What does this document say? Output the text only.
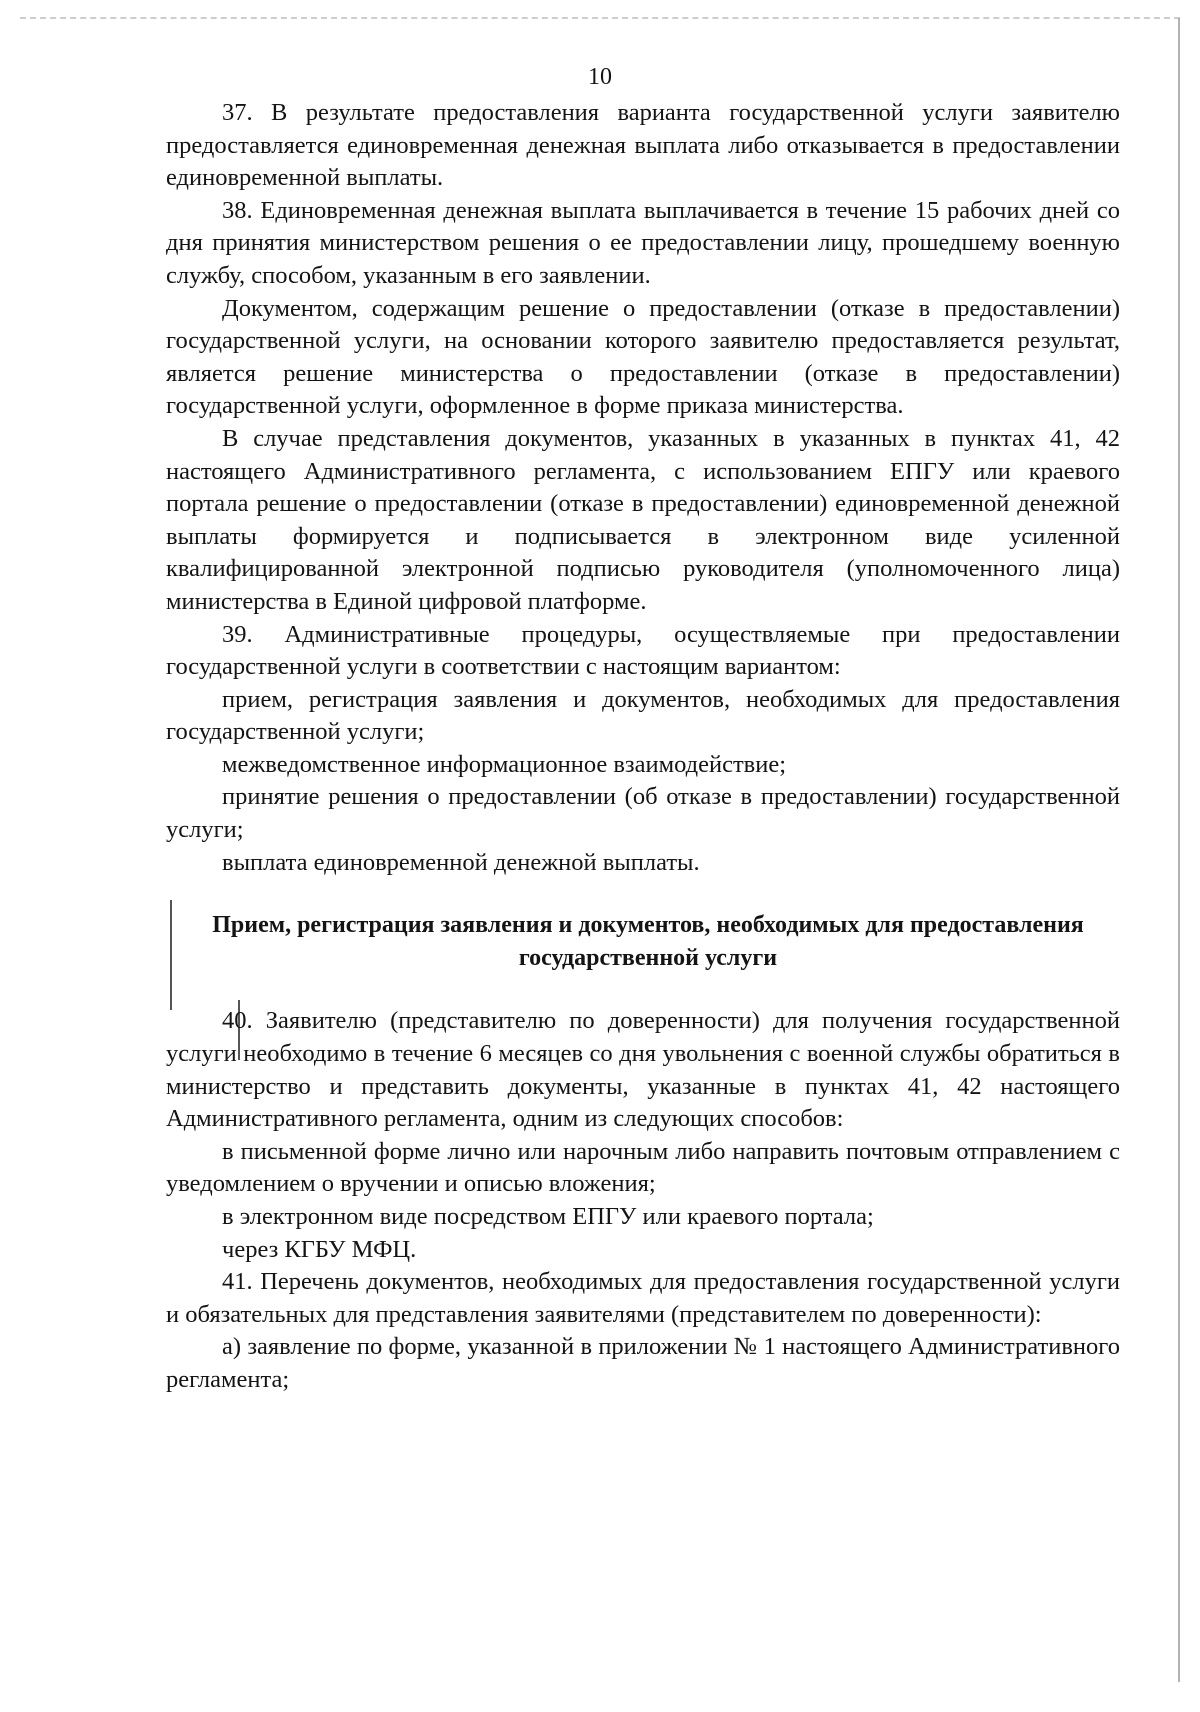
10

37. В результате предоставления варианта государственной услуги заявителю предоставляется единовременная денежная выплата либо отказывается в предоставлении единовременной выплаты.

38. Единовременная денежная выплата выплачивается в течение 15 рабочих дней со дня принятия министерством решения о ее предоставлении лицу, прошедшему военную службу, способом, указанным в его заявлении.

Документом, содержащим решение о предоставлении (отказе в предоставлении) государственной услуги, на основании которого заявителю предоставляется результат, является решение министерства о предоставлении (отказе в предоставлении) государственной услуги, оформленное в форме приказа министерства.

В случае представления документов, указанных в указанных в пунктах 41, 42 настоящего Административного регламента, с использованием ЕПГУ или краевого портала решение о предоставлении (отказе в предоставлении) единовременной денежной выплаты формируется и подписывается в электронном виде усиленной квалифицированной электронной подписью руководителя (уполномоченного лица) министерства в Единой цифровой платформе.

39. Административные процедуры, осуществляемые при предоставлении государственной услуги в соответствии с настоящим вариантом:

прием, регистрация заявления и документов, необходимых для предоставления государственной услуги;

межведомственное информационное взаимодействие;

принятие решения о предоставлении (об отказе в предоставлении) государственной услуги;

выплата единовременной денежной выплаты.

Прием, регистрация заявления и документов, необходимых для предоставления государственной услуги

40. Заявителю (представителю по доверенности) для получения государственной услуги необходимо в течение 6 месяцев со дня увольнения с военной службы обратиться в министерство и представить документы, указанные в пунктах 41, 42 настоящего Административного регламента, одним из следующих способов:

в письменной форме лично или нарочным либо направить почтовым отправлением с уведомлением о вручении и описью вложения;

в электронном виде посредством ЕПГУ или краевого портала;

через КГБУ МФЦ.

41. Перечень документов, необходимых для предоставления государственной услуги и обязательных для представления заявителями (представителем по доверенности):

а) заявление по форме, указанной в приложении № 1 настоящего Административного регламента;
